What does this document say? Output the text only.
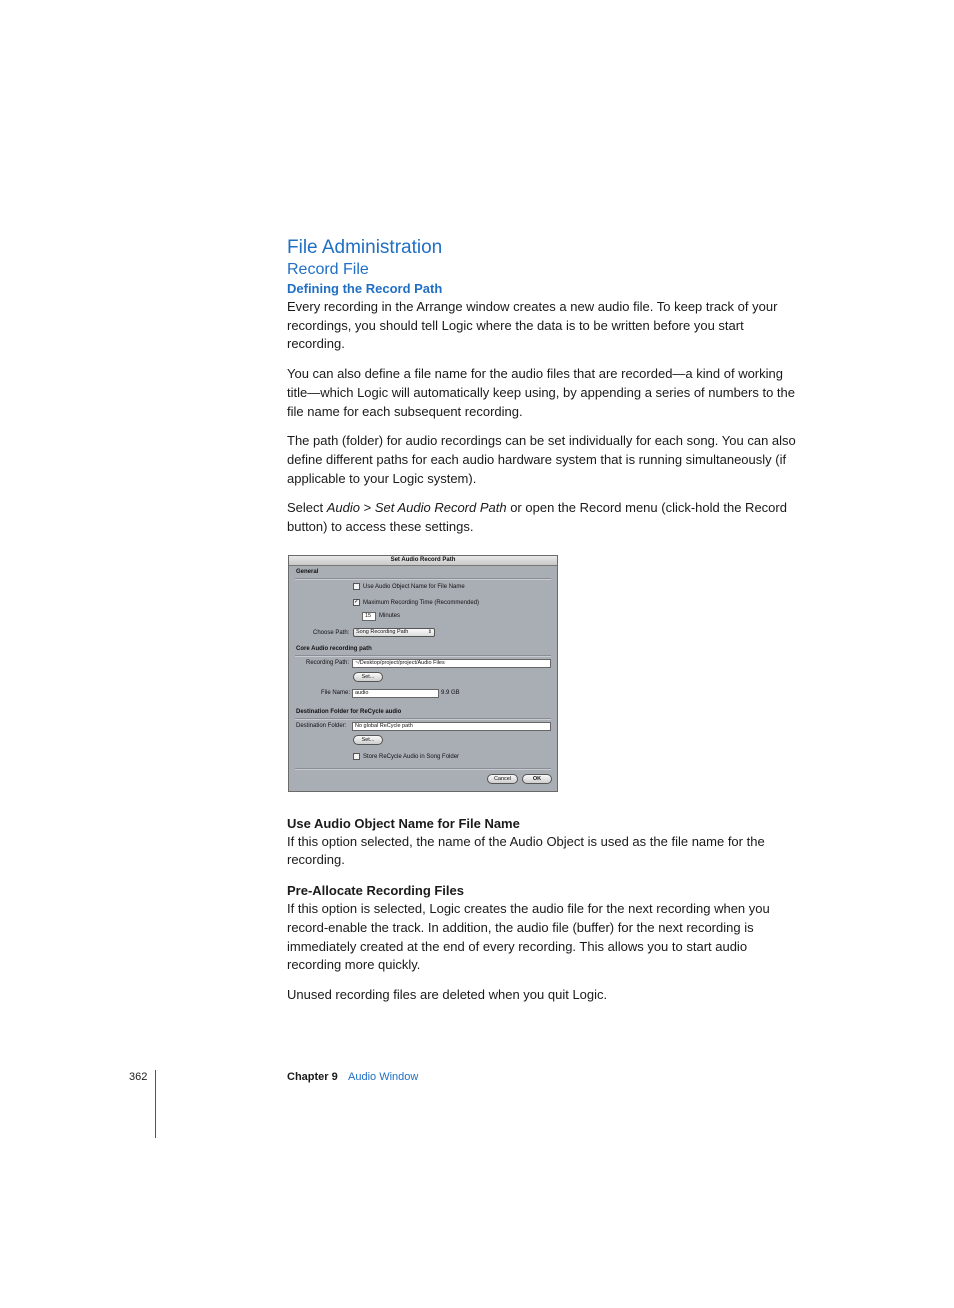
File Administration
Record File
Defining the Record Path

Every recording in the Arrange window creates a new audio file. To keep track of your recordings, you should tell Logic where the data is to be written before you start recording.

You can also define a file name for the audio files that are recorded—a kind of working title—which Logic will automatically keep using, by appending a series of numbers to the file name for each subsequent recording.

The path (folder) for audio recordings can be set individually for each song. You can also define different paths for each audio hardware system that is running simultaneously (if applicable to your Logic system).

Select Audio > Set Audio Record Path or open the Record menu (click-hold the Record button) to access these settings.

Set Audio Record Path
General
Use Audio Object Name for File Name
✓ Maximum Recording Time (Recommended)
15	Minutes
Choose Path:	Song Recording Path	⇕
Core Audio recording path
Recording Path:	~/Desktop/project/project/Audio Files
Set...
File Name: audio	9.9 GB
Destination Folder for ReCycle audio
Destination Folder:	No global ReCycle path
Set...
Store ReCycle Audio in Song Folder
Cancel	OK
Use Audio Object Name for File Name

If this option selected, the name of the Audio Object is used as the file name for the recording.

Pre-Allocate Recording Files

If this option is selected, Logic creates the audio file for the next recording when you record-enable the track. In addition, the audio file (buffer) for the next recording is immediately created at the end of every recording. This allows you to start audio recording more quickly.

Unused recording files are deleted when you quit Logic.

362	Chapter 9 Audio Window
